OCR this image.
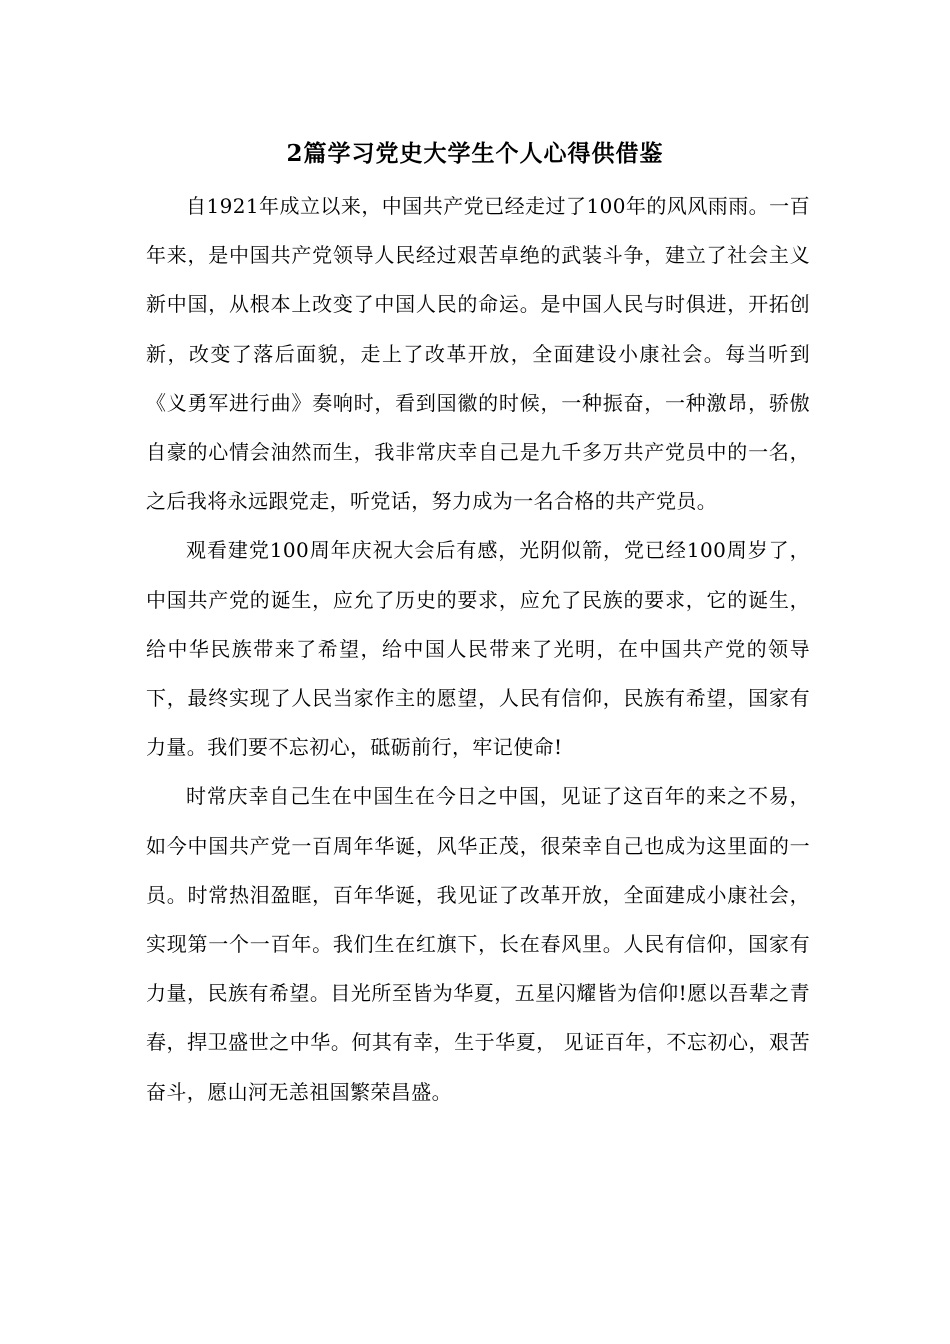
2篇学习党史大学生个人心得供借鉴

自1921年成立以来，中国共产党已经走过了100年的风风雨雨。一百年来，是中国共产党领导人民经过艰苦卓绝的武装斗争，建立了社会主义新中国，从根本上改变了中国人民的命运。是中国人民与时俱进，开拓创新，改变了落后面貌，走上了改革开放，全面建设小康社会。每当听到《义勇军进行曲》奏响时，看到国徽的时候，一种振奋，一种激昂，骄傲自豪的心情会油然而生，我非常庆幸自己是九千多万共产党员中的一名，之后我将永远跟党走，听党话，努力成为一名合格的共产党员。

观看建党100周年庆祝大会后有感，光阴似箭，党已经100周岁了，中国共产党的诞生，应允了历史的要求，应允了民族的要求，它的诞生，给中华民族带来了希望，给中国人民带来了光明，在中国共产党的领导下，最终实现了人民当家作主的愿望，人民有信仰，民族有希望，国家有力量。我们要不忘初心，砥砺前行，牢记使命!

时常庆幸自己生在中国生在今日之中国，见证了这百年的来之不易，如今中国共产党一百周年华诞，风华正茂，很荣幸自己也成为这里面的一员。时常热泪盈眶，百年华诞，我见证了改革开放，全面建成小康社会，实现第一个一百年。我们生在红旗下，长在春风里。人民有信仰，国家有力量，民族有希望。目光所至皆为华夏，五星闪耀皆为信仰!愿以吾辈之青春，捍卫盛世之中华。何其有幸，生于华夏， 见证百年，不忘初心，艰苦奋斗，愿山河无恙祖国繁荣昌盛。
